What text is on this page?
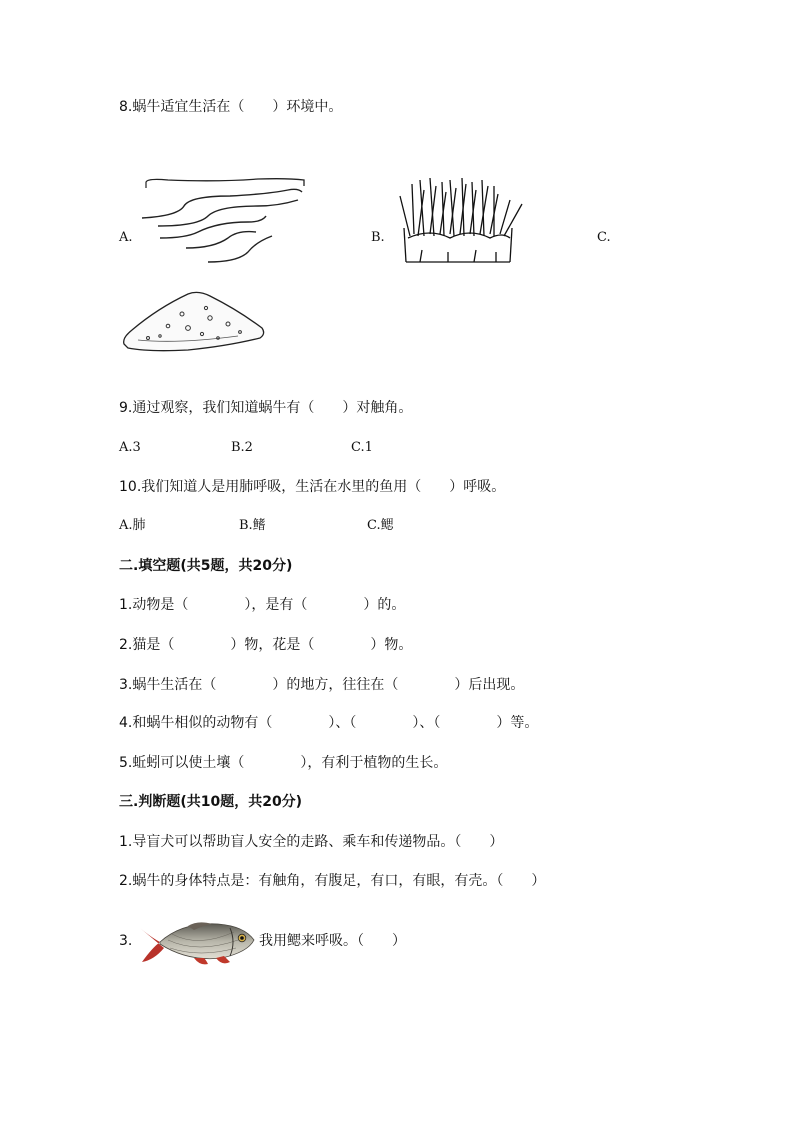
8.蜗牛适宜生活在（　　）环境中。
A.	B.	C.
9.通过观察，我们知道蜗牛有（　　）对触角。
A.3	B.2	C.1
10.我们知道人是用肺呼吸，生活在水里的鱼用（　　）呼吸。
A.肺	B.鳍	C.鳃
二.填空题(共5题，共20分)
1.动物是（　　　　），是有（　　　　）的。
2.猫是（　　　　）物，花是（　　　　）物。
3.蜗牛生活在（　　　　）的地方，往往在（　　　　）后出现。
4.和蜗牛相似的动物有（　　　　）、（　　　　）、（　　　　）等。
5.蚯蚓可以使土壤（　　　　），有利于植物的生长。
三.判断题(共10题，共20分)
1.导盲犬可以帮助盲人安全的走路、乘车和传递物品。（　　）
2.蜗牛的身体特点是：有触角，有腹足，有口，有眼，有壳。（　　）
3.	我用鳃来呼吸。（　　）
